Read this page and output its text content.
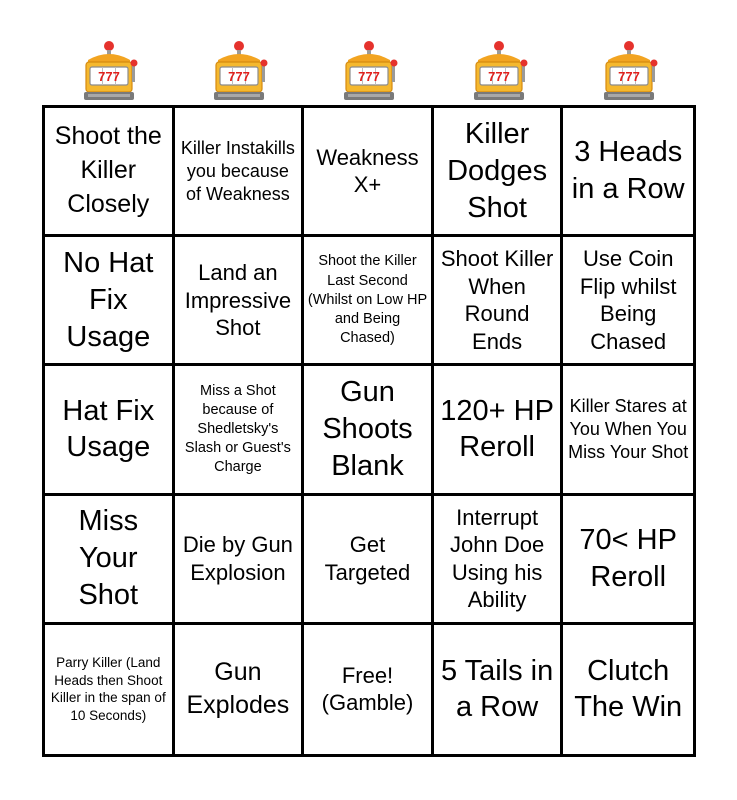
777	777	777	777	777
Shoot the Killer Closely
Killer Instakills you because of Weakness
Weakness X+
Killer Dodges Shot
3 Heads in a Row
No Hat Fix Usage
Land an Impressive Shot
Shoot the Killer Last Second (Whilst on Low HP and Being Chased)
Shoot Killer When Round Ends
Use Coin Flip whilst Being Chased
Hat Fix Usage
Miss a Shot because of Shedletsky's Slash or Guest's Charge
Gun Shoots Blank
120+ HP Reroll
Killer Stares at You When You Miss Your Shot
Miss Your Shot
Die by Gun Explosion
Get Targeted
Interrupt John Doe Using his Ability
70< HP Reroll
Parry Killer (Land Heads then Shoot Killer in the span of 10 Seconds)
Gun Explodes
Free! (Gamble)
5 Tails in a Row
Clutch The Win
